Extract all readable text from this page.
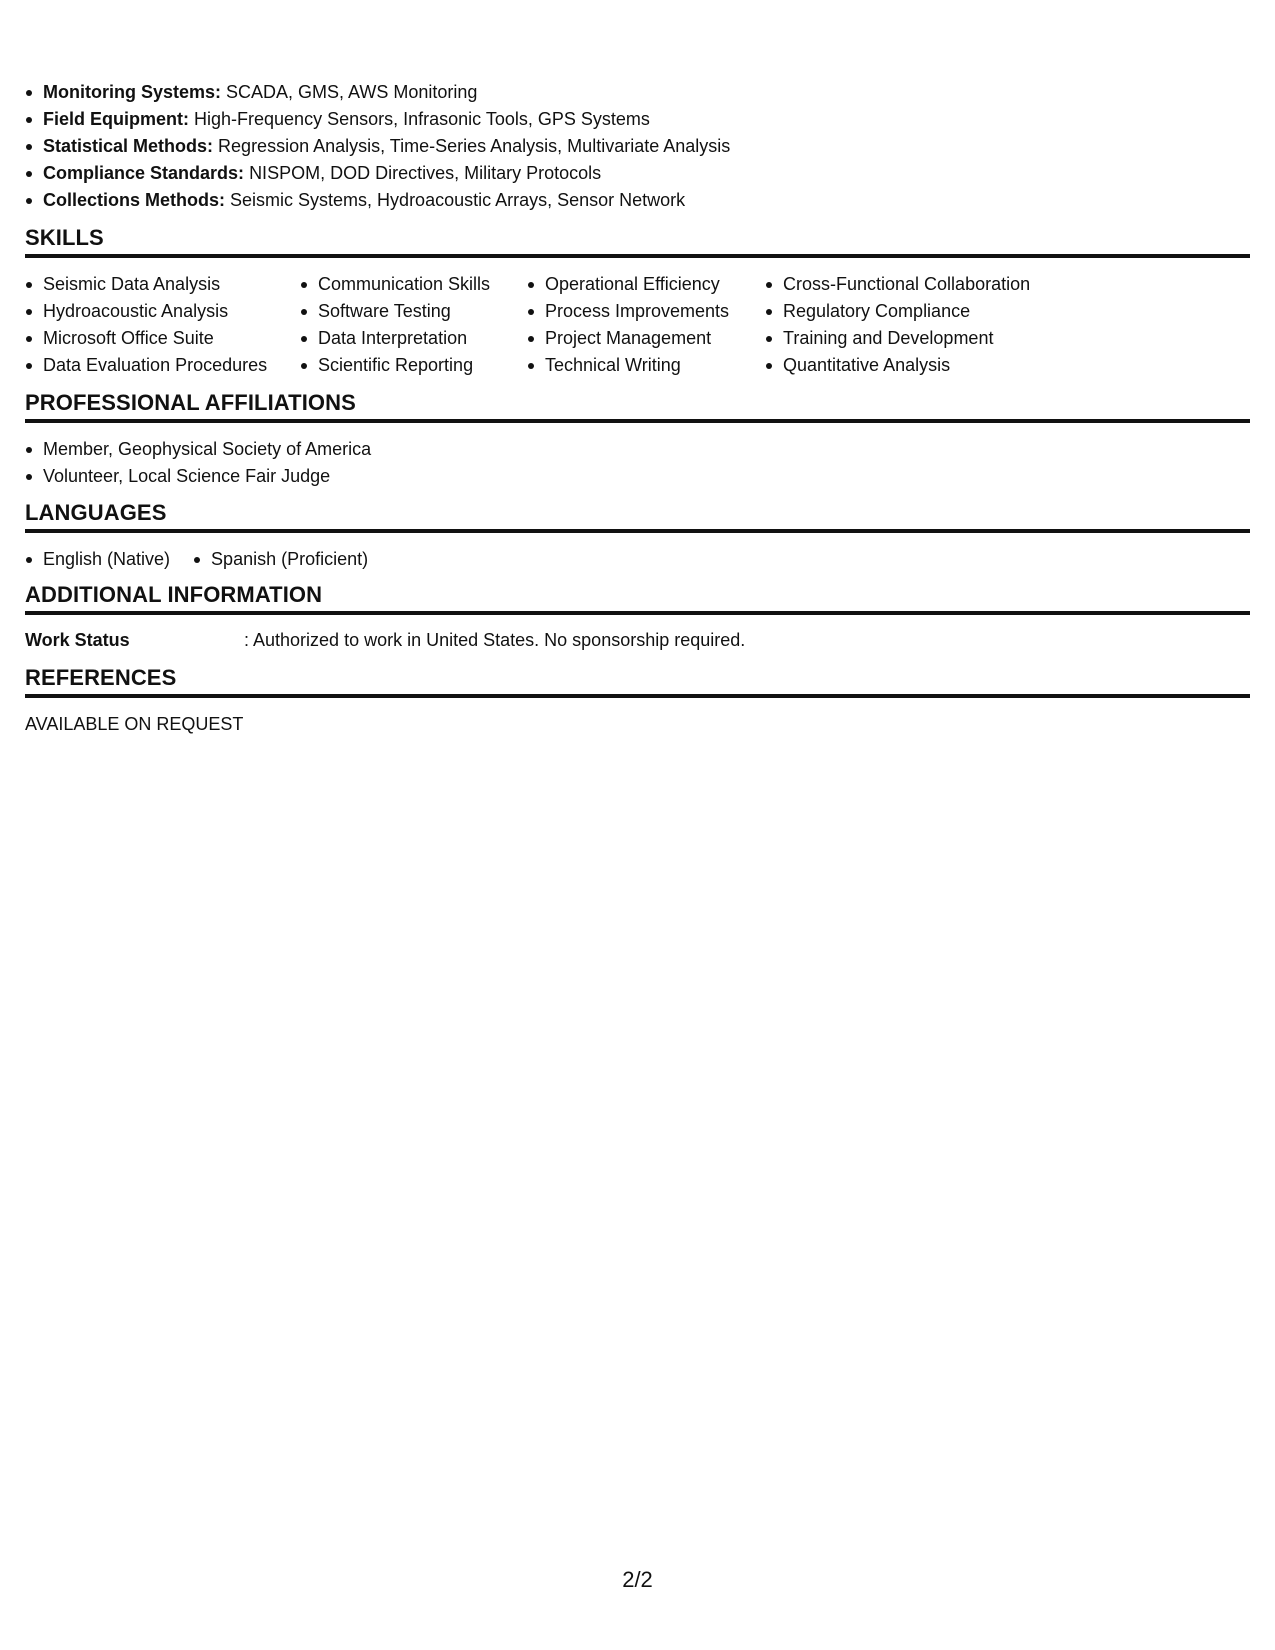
Monitoring Systems: SCADA, GMS, AWS Monitoring
Field Equipment: High-Frequency Sensors, Infrasonic Tools, GPS Systems
Statistical Methods: Regression Analysis, Time-Series Analysis, Multivariate Analysis
Compliance Standards: NISPOM, DOD Directives, Military Protocols
Collections Methods: Seismic Systems, Hydroacoustic Arrays, Sensor Network
SKILLS
Seismic Data Analysis
Hydroacoustic Analysis
Microsoft Office Suite
Data Evaluation Procedures
Communication Skills
Software Testing
Data Interpretation
Scientific Reporting
Operational Efficiency
Process Improvements
Project Management
Technical Writing
Cross-Functional Collaboration
Regulatory Compliance
Training and Development
Quantitative Analysis
PROFESSIONAL AFFILIATIONS
Member, Geophysical Society of America
Volunteer, Local Science Fair Judge
LANGUAGES
English (Native)	Spanish (Proficient)
ADDITIONAL INFORMATION
Work Status	: Authorized to work in United States. No sponsorship required.
REFERENCES
AVAILABLE ON REQUEST
2/2
